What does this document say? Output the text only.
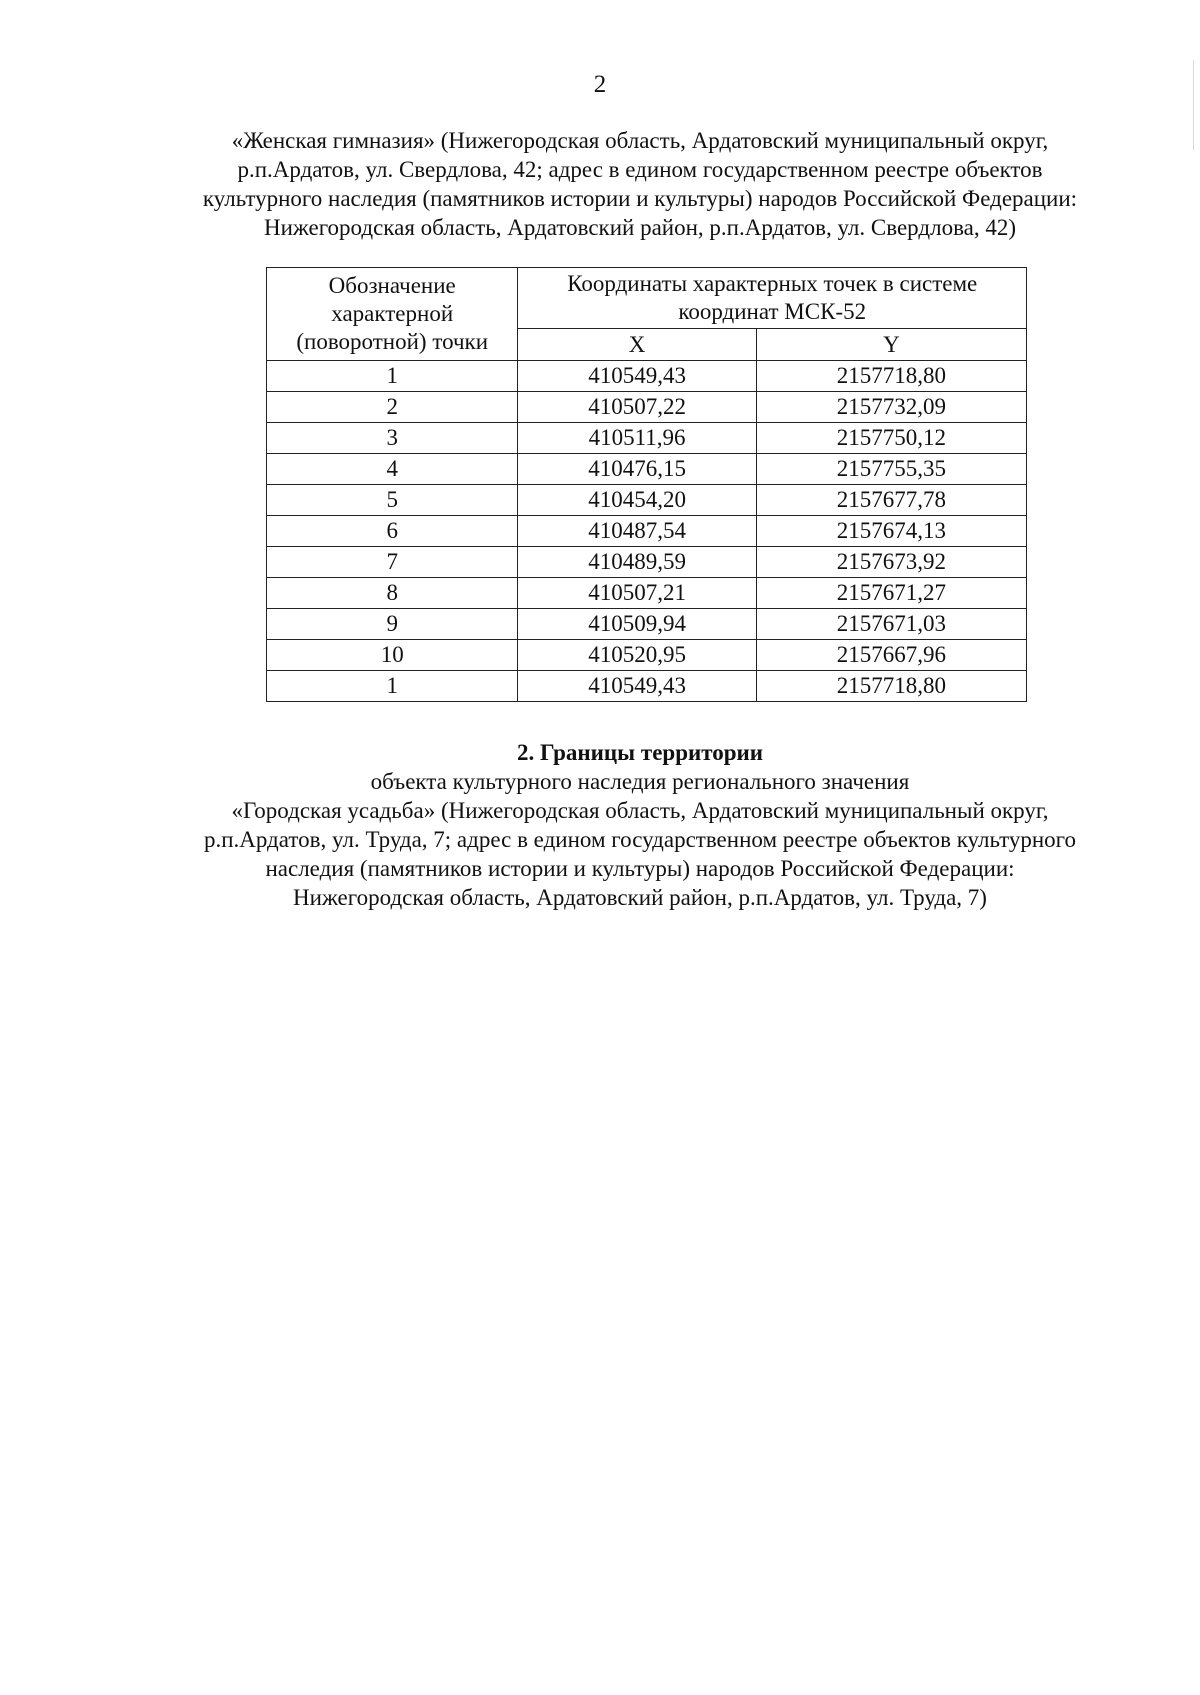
2
«Женская гимназия» (Нижегородская область, Ардатовский муниципальный округ,
р.п.Ардатов, ул. Свердлова, 42; адрес в едином государственном реестре объектов
культурного наследия (памятников истории и культуры) народов Российской Федерации:
Нижегородская область, Ардатовский район, р.п.Ардатов, ул. Свердлова, 42)
Обозначение
характерной
(поворотной) точки	Координаты характерных точек в системе
координат МСК-52	

	X	Y
1	410549,43	2157718,80
2	410507,22	2157732,09
3	410511,96	2157750,12
4	410476,15	2157755,35
5	410454,20	2157677,78
6	410487,54	2157674,13
7	410489,59	2157673,92
8	410507,21	2157671,27
9	410509,94	2157671,03
10	410520,95	2157667,96
1	410549,43	2157718,80
2. Границы территории
объекта культурного наследия регионального значения
«Городская усадьба» (Нижегородская область, Ардатовский муниципальный округ,
р.п.Ардатов, ул. Труда, 7; адрес в едином государственном реестре объектов культурного
наследия (памятников истории и культуры) народов Российской Федерации:
Нижегородская область, Ардатовский район, р.п.Ардатов, ул. Труда, 7)
